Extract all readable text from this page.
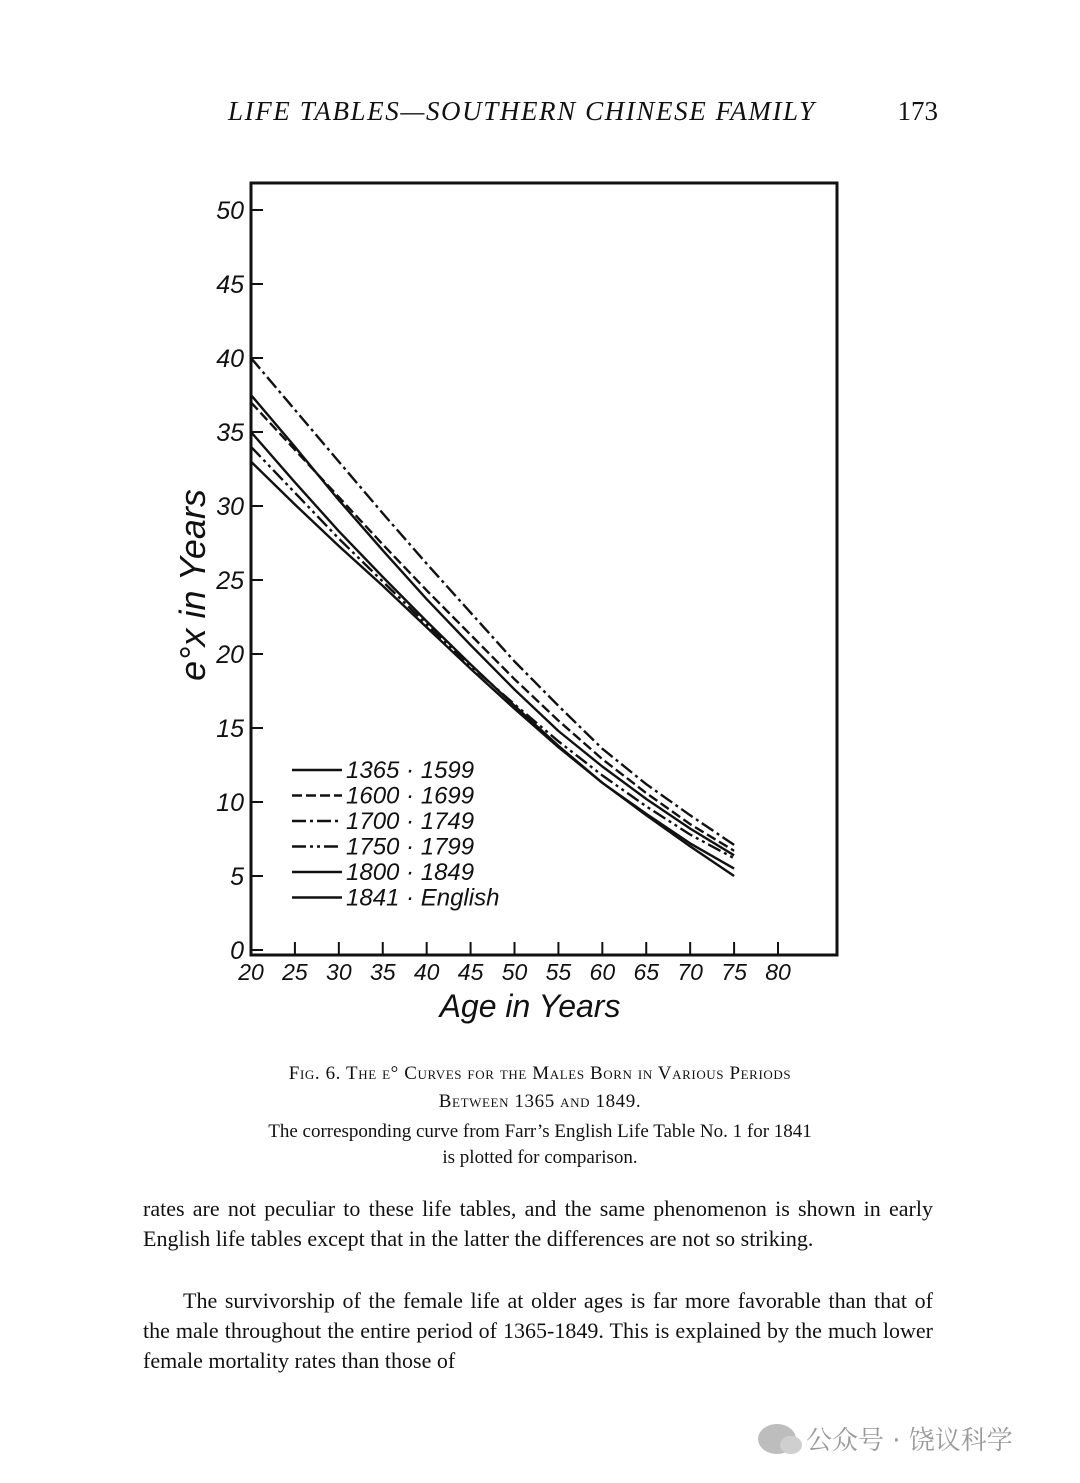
LIFE TABLES—SOUTHERN CHINESE FAMILY	173
20 25 30 35 40 45 50 55 60 65 70 75 80
0
5
10
15
20
25
30
35
40
45
50
1365 · 1599
1600 · 1699
1700 · 1749
1750 · 1799
1800 · 1849
1841 · English
Age in Years
e°x in Years
Fig. 6. The e° Curves for the Males Born in Various Periods
Between 1365 and 1849.
The corresponding curve from Farr’s English Life Table No. 1 for 1841
is plotted for comparison.
rates are not peculiar to these life tables, and the same phenomenon is shown in early English life tables except that in the latter the differences are not so striking.
The survivorship of the female life at older ages is far more favorable than that of the male throughout the entire period of 1365-1849. This is explained by the much lower female mortality rates than those of
公众号 · 饶议科学
